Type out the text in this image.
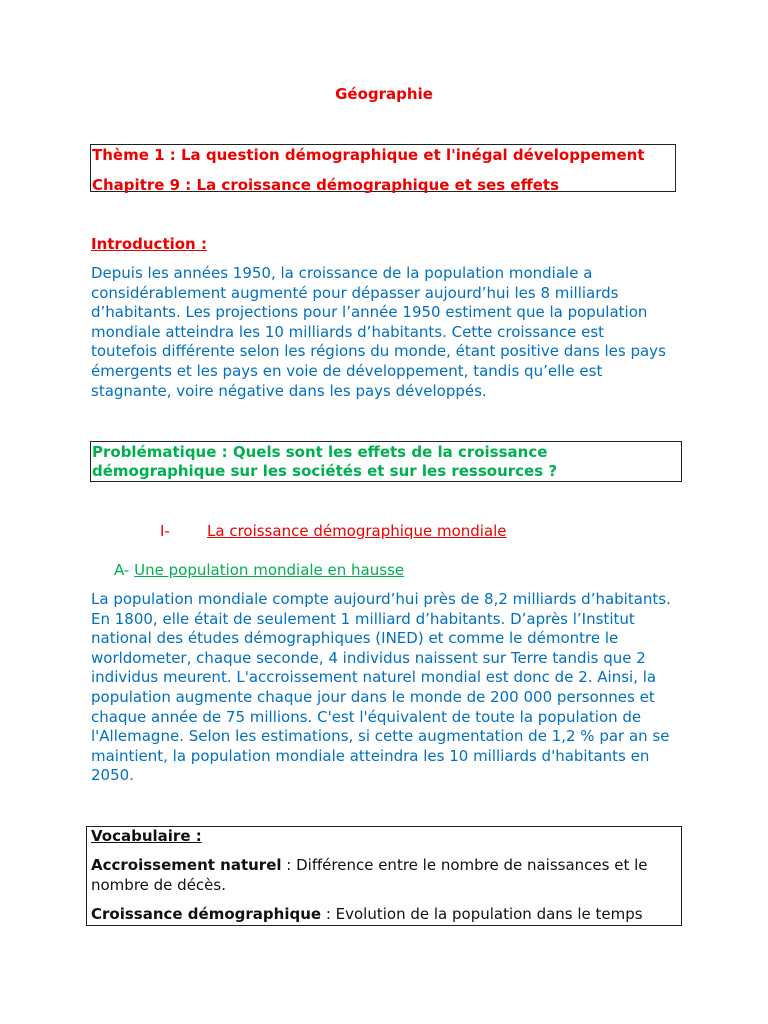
Géographie
Thème 1 : La question démographique et l'inégal développement
Chapitre 9 : La croissance démographique et ses effets
Introduction :
Depuis les années 1950, la croissance de la population mondiale a considérablement augmenté pour dépasser aujourd’hui les 8 milliards d’habitants. Les projections pour l’année 1950 estiment que la population mondiale atteindra les 10 milliards d’habitants. Cette croissance est toutefois différente selon les régions du monde, étant positive dans les pays émergents et les pays en voie de développement, tandis qu’elle est stagnante, voire négative dans les pays développés.
Problématique : Quels sont les effets de la croissance démographique sur les sociétés et sur les ressources ?
I- La croissance démographique mondiale
A- Une population mondiale en hausse
La population mondiale compte aujourd’hui près de 8,2 milliards d’habitants. En 1800, elle était de seulement 1 milliard d’habitants. D’après l’Institut national des études démographiques (INED) et comme le démontre le worldometer, chaque seconde, 4 individus naissent sur Terre tandis que 2 individus meurent. L'accroissement naturel mondial est donc de 2. Ainsi, la population augmente chaque jour dans le monde de 200 000 personnes et chaque année de 75 millions. C'est l'équivalent de toute la population de l'Allemagne. Selon les estimations, si cette augmentation de 1,2 % par an se maintient, la population mondiale atteindra les 10 milliards d'habitants en 2050.
Vocabulaire :
Accroissement naturel : Différence entre le nombre de naissances et le nombre de décès.
Croissance démographique : Evolution de la population dans le temps
